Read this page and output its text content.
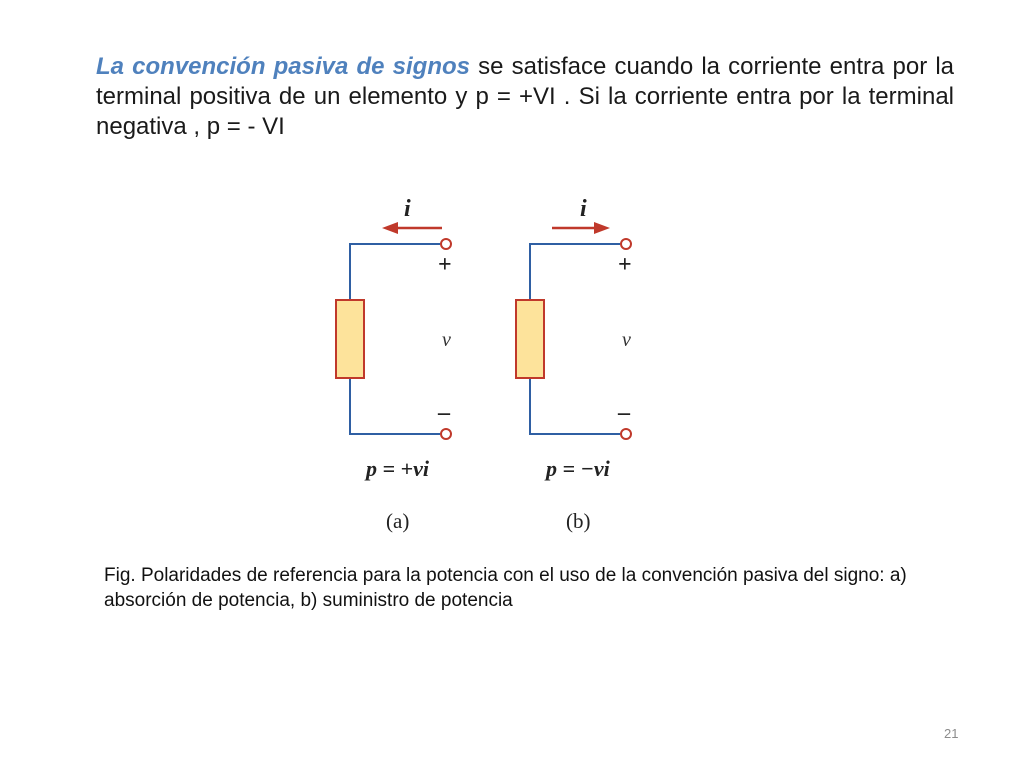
La convención pasiva de signos se satisface cuando la corriente entra por la terminal positiva de un elemento y p = +VI . Si la corriente entra por la terminal negativa , p = - VI

i
+
v
–
p = +vi
(a)
i
+
v
–
p = −vi
(b)

Fig. Polaridades de referencia para la potencia con el uso de la convención pasiva del signo: a) absorción de potencia, b) suministro de potencia

21
